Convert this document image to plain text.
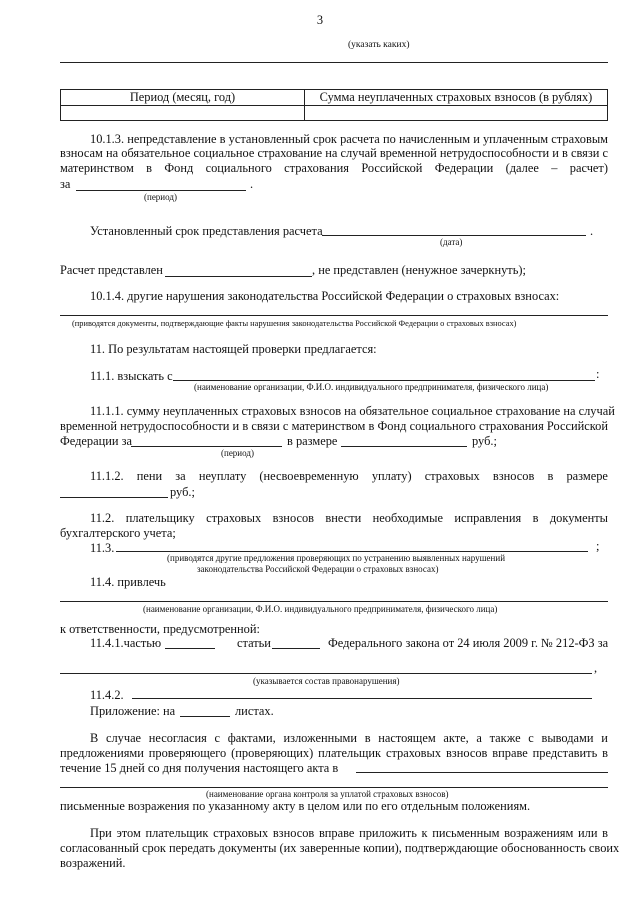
3
(указать каких)
Период (месяц, год)	Сумма неуплаченных страховых взносов (в рублях)

10.1.3. непредставление в установленный срок расчета по начисленным и уплаченным страховым
взносам на обязательное социальное страхование на случай временной нетрудоспособности и в связи с
материнством в Фонд социального страхования Российской Федерации (далее – расчет)
за	.
(период)
Установленный срок представления расчета	.
(дата)
Расчет представлен	, не представлен (ненужное зачеркнуть);
10.1.4. другие нарушения законодательства Российской Федерации о страховых взносах:
(приводятся документы, подтверждающие факты нарушения законодательства Российской Федерации о страховых взносах)
11. По результатам настоящей проверки предлагается:
11.1. взыскать с	:
(наименование организации, Ф.И.О. индивидуального предпринимателя, физического лица)
11.1.1. сумму неуплаченных страховых взносов на обязательное социальное страхование на случай
временной нетрудоспособности и в связи с материнством в Фонд социального страхования Российской
Федерации за	в размере	руб.;
(период)
11.1.2. пени за неуплату (несвоевременную уплату) страховых взносов в размере
руб.;
11.2. плательщику страховых взносов внести необходимые исправления в документы
бухгалтерского учета;
11.3.	;
(приводятся другие предложения проверяющих по устранению выявленных нарушений
законодательства Российской Федерации о страховых взносах)
11.4. привлечь
(наименование организации, Ф.И.О. индивидуального предпринимателя, физического лица)
к ответственности, предусмотренной:
11.4.1.частью	статьи	Федерального закона от 24 июля 2009 г. № 212-ФЗ за
,
(указывается состав правонарушения)
11.4.2.
Приложение: на	листах.
В случае несогласия с фактами, изложенными в настоящем акте, а также с выводами и
предложениями проверяющего (проверяющих) плательщик страховых взносов вправе представить в
течение 15 дней со дня получения настоящего акта в
(наименование органа контроля за уплатой страховых взносов)
письменные возражения по указанному акту в целом или по его отдельным положениям.
При этом плательщик страховых взносов вправе приложить к письменным возражениям или в
согласованный срок передать документы (их заверенные копии), подтверждающие обоснованность своих
возражений.
